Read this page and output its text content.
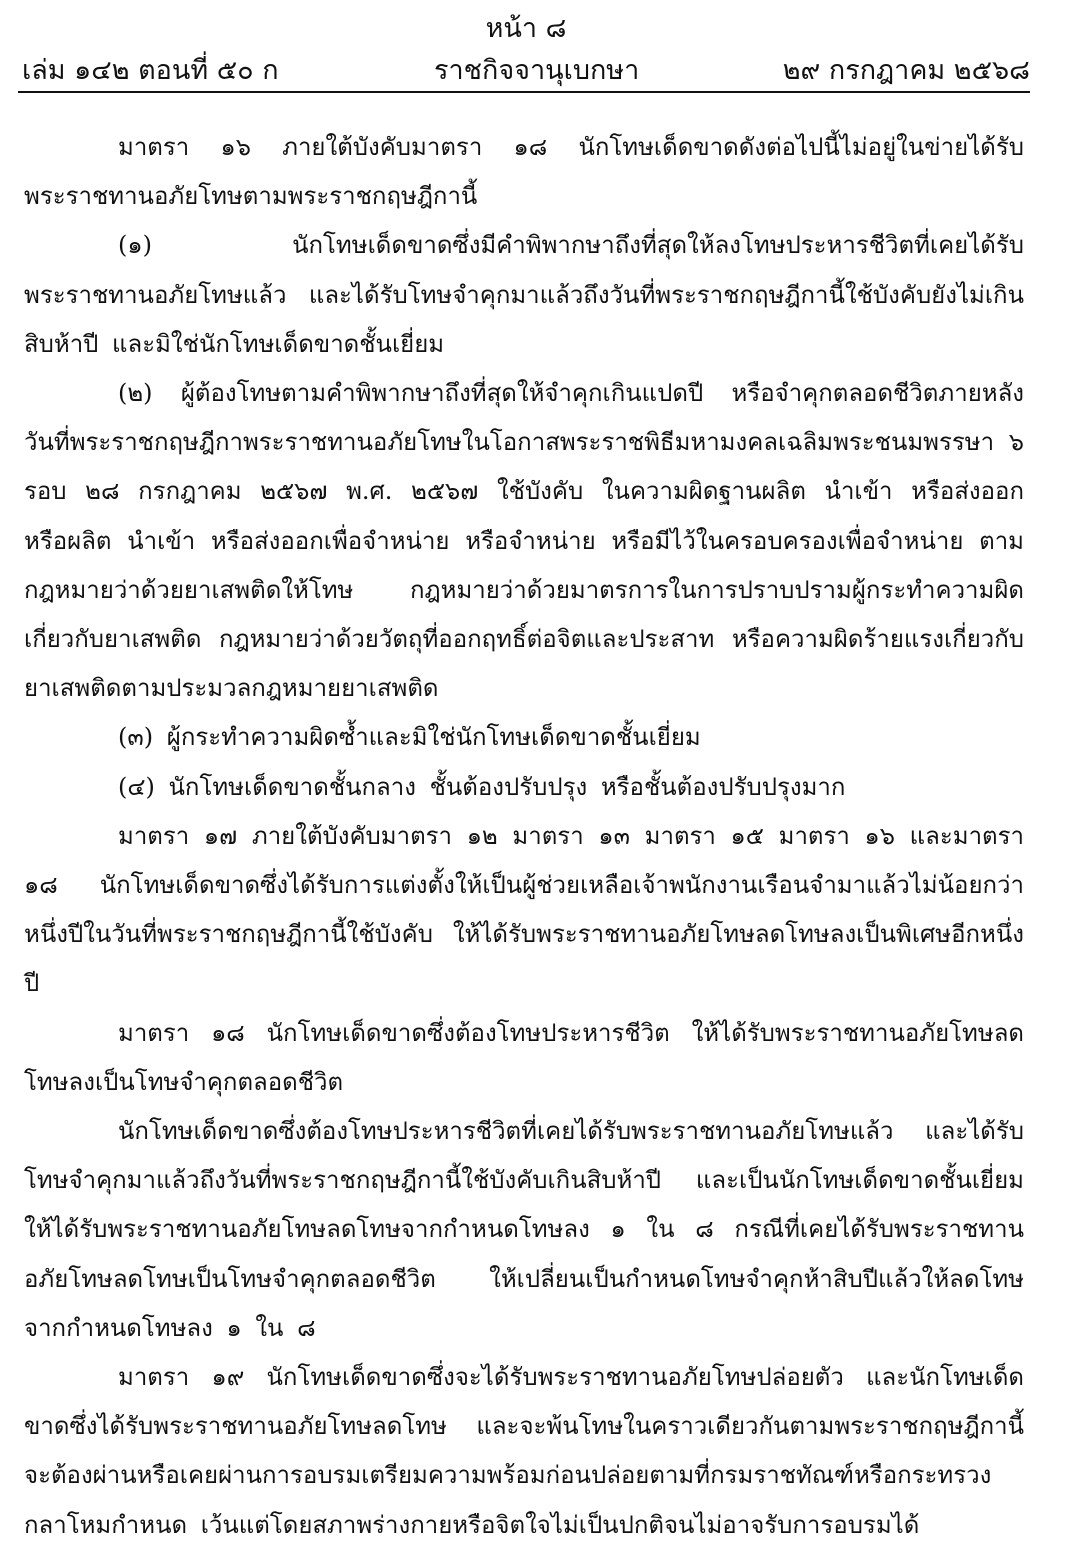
หน้า ๘
เล่ม ๑๔๒ ตอนที่ ๕๐ ก	ราชกิจจานุเบกษา	๒๙ กรกฎาคม ๒๕๖๘

มาตรา ๑๖ ภายใต้บังคับมาตรา ๑๘ นักโทษเด็ดขาดดังต่อไปนี้ไม่อยู่ในข่ายได้รับพระราชทานอภัยโทษตามพระราชกฤษฎีกานี้

(๑) นักโทษเด็ดขาดซึ่งมีคำพิพากษาถึงที่สุดให้ลงโทษประหารชีวิตที่เคยได้รับพระราชทานอภัยโทษแล้ว และได้รับโทษจำคุกมาแล้วถึงวันที่พระราชกฤษฎีกานี้ใช้บังคับยังไม่เกินสิบห้าปี และมิใช่นักโทษเด็ดขาดชั้นเยี่ยม

(๒) ผู้ต้องโทษตามคำพิพากษาถึงที่สุดให้จำคุกเกินแปดปี หรือจำคุกตลอดชีวิตภายหลังวันที่พระราชกฤษฎีกาพระราชทานอภัยโทษในโอกาสพระราชพิธีมหามงคลเฉลิมพระชนมพรรษา ๖ รอบ ๒๘ กรกฎาคม ๒๕๖๗ พ.ศ. ๒๕๖๗ ใช้บังคับ ในความผิดฐานผลิต นำเข้า หรือส่งออก หรือผลิต นำเข้า หรือส่งออกเพื่อจำหน่าย หรือจำหน่าย หรือมีไว้ในครอบครองเพื่อจำหน่าย ตามกฎหมายว่าด้วยยาเสพติดให้โทษ กฎหมายว่าด้วยมาตรการในการปราบปรามผู้กระทำความผิดเกี่ยวกับยาเสพติด กฎหมายว่าด้วยวัตถุที่ออกฤทธิ์ต่อจิตและประสาท หรือความผิดร้ายแรงเกี่ยวกับยาเสพติดตามประมวลกฎหมายยาเสพติด

(๓) ผู้กระทำความผิดซ้ำและมิใช่นักโทษเด็ดขาดชั้นเยี่ยม

(๔) นักโทษเด็ดขาดชั้นกลาง ชั้นต้องปรับปรุง หรือชั้นต้องปรับปรุงมาก

มาตรา ๑๗ ภายใต้บังคับมาตรา ๑๒ มาตรา ๑๓ มาตรา ๑๕ มาตรา ๑๖ และมาตรา ๑๘ นักโทษเด็ดขาดซึ่งได้รับการแต่งตั้งให้เป็นผู้ช่วยเหลือเจ้าพนักงานเรือนจำมาแล้วไม่น้อยกว่าหนึ่งปีในวันที่พระราชกฤษฎีกานี้ใช้บังคับ ให้ได้รับพระราชทานอภัยโทษลดโทษลงเป็นพิเศษอีกหนึ่งปี

มาตรา ๑๘ นักโทษเด็ดขาดซึ่งต้องโทษประหารชีวิต ให้ได้รับพระราชทานอภัยโทษลดโทษลงเป็นโทษจำคุกตลอดชีวิต

นักโทษเด็ดขาดซึ่งต้องโทษประหารชีวิตที่เคยได้รับพระราชทานอภัยโทษแล้ว และได้รับโทษจำคุกมาแล้วถึงวันที่พระราชกฤษฎีกานี้ใช้บังคับเกินสิบห้าปี และเป็นนักโทษเด็ดขาดชั้นเยี่ยม ให้ได้รับพระราชทานอภัยโทษลดโทษจากกำหนดโทษลง ๑ ใน ๘ กรณีที่เคยได้รับพระราชทานอภัยโทษลดโทษเป็นโทษจำคุกตลอดชีวิต ให้เปลี่ยนเป็นกำหนดโทษจำคุกห้าสิบปีแล้วให้ลดโทษจากกำหนดโทษลง ๑ ใน ๘

มาตรา ๑๙ นักโทษเด็ดขาดซึ่งจะได้รับพระราชทานอภัยโทษปล่อยตัว และนักโทษเด็ดขาดซึ่งได้รับพระราชทานอภัยโทษลดโทษ และจะพ้นโทษในคราวเดียวกันตามพระราชกฤษฎีกานี้จะต้องผ่านหรือเคยผ่านการอบรมเตรียมความพร้อมก่อนปล่อยตามที่กรมราชทัณฑ์หรือกระทรวงกลาโหมกำหนด เว้นแต่โดยสภาพร่างกายหรือจิตใจไม่เป็นปกติจนไม่อาจรับการอบรมได้
